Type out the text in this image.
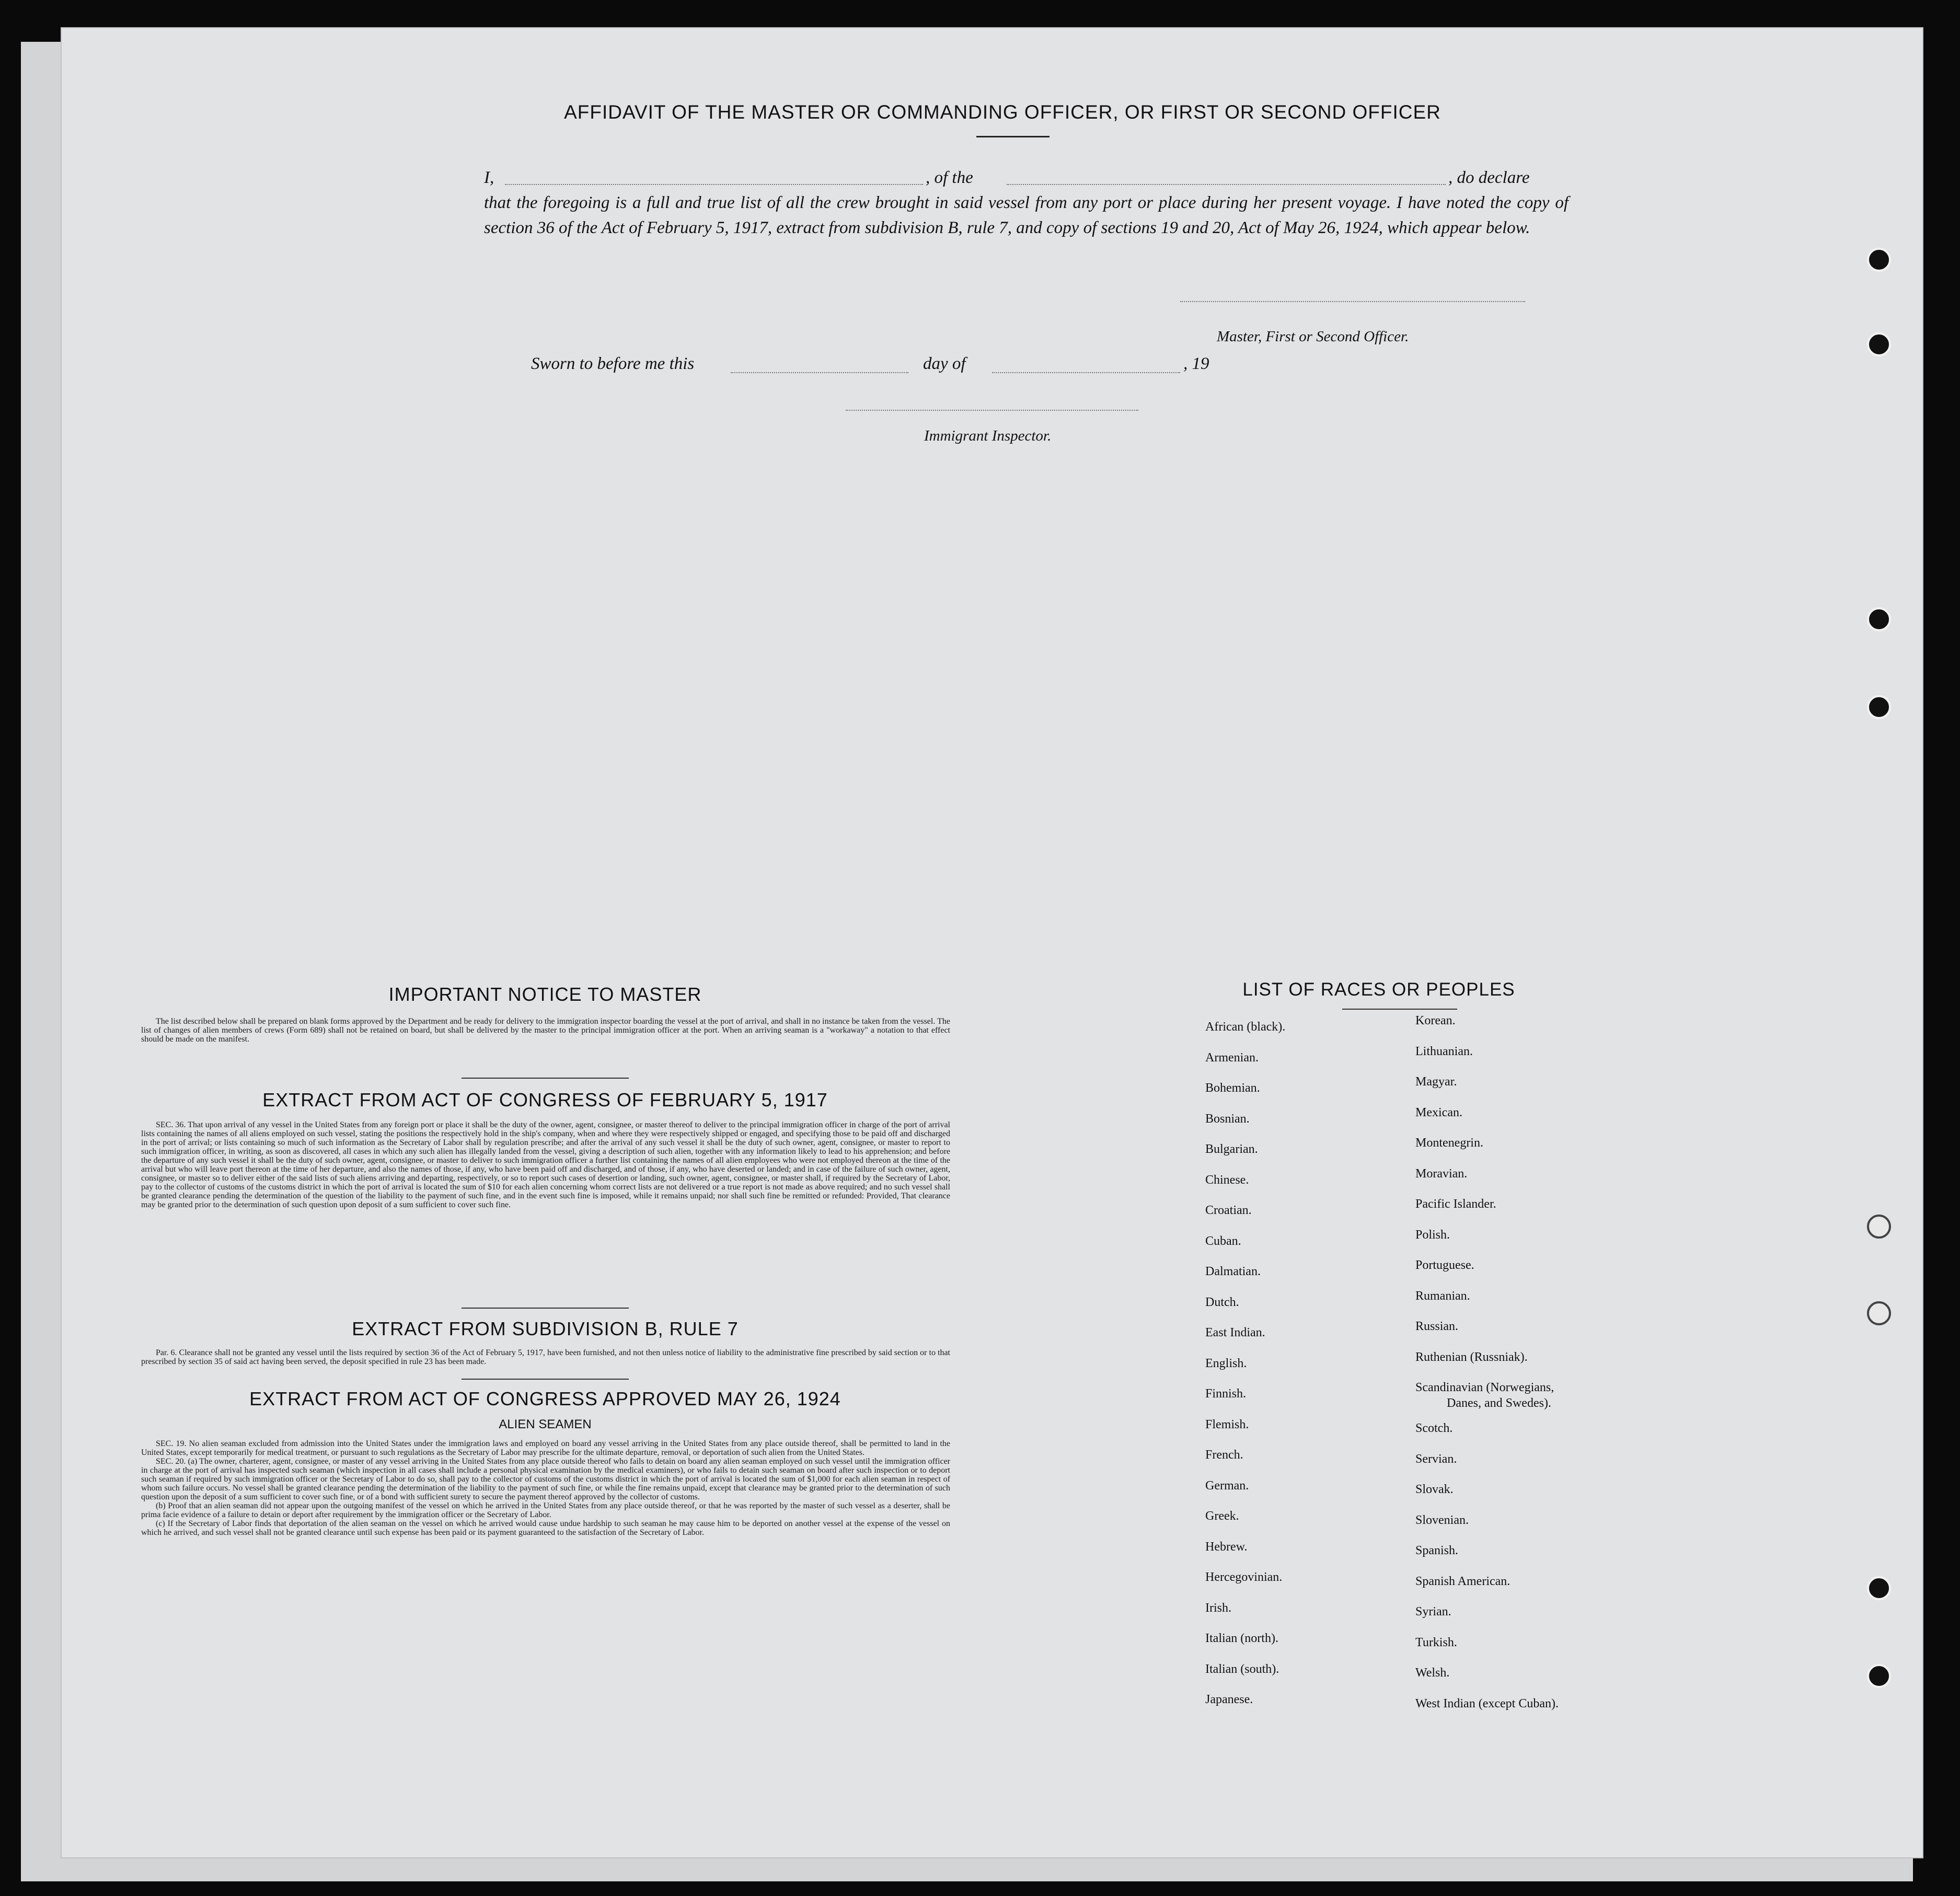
AFFIDAVIT OF THE MASTER OR COMMANDING OFFICER, OR FIRST OR SECOND OFFICER
I,	, of the	, do declare
that the foregoing is a full and true list of all the crew brought in said vessel from any port or place during her present voyage. I have noted the copy of section 36 of the Act of February 5, 1917, extract from subdivision B, rule 7, and copy of sections 19 and 20, Act of May 26, 1924, which appear below.
Master, First or Second Officer.
Sworn to before me this	day of	, 19
Immigrant Inspector.
IMPORTANT NOTICE TO MASTER

The list described below shall be prepared on blank forms approved by the Department and be ready for delivery to the immigration inspector boarding the vessel at the port of arrival, and shall in no instance be taken from the vessel. The list of changes of alien members of crews (Form 689) shall not be retained on board, but shall be delivered by the master to the principal immigration officer at the port. When an arriving seaman is a "workaway" a notation to that effect should be made on the manifest.

EXTRACT FROM ACT OF CONGRESS OF FEBRUARY 5, 1917

SEC. 36. That upon arrival of any vessel in the United States from any foreign port or place it shall be the duty of the owner, agent, consignee, or master thereof to deliver to the principal immigration officer in charge of the port of arrival lists containing the names of all aliens employed on such vessel, stating the positions the respectively hold in the ship's company, when and where they were respectively shipped or engaged, and specifying those to be paid off and discharged in the port of arrival; or lists containing so much of such information as the Secretary of Labor shall by regulation prescribe; and after the arrival of any such vessel it shall be the duty of such owner, agent, consignee, or master to report to such immigration officer, in writing, as soon as discovered, all cases in which any such alien has illegally landed from the vessel, giving a description of such alien, together with any information likely to lead to his apprehension; and before the departure of any such vessel it shall be the duty of such owner, agent, consignee, or master to deliver to such immigration officer a further list containing the names of all alien employees who were not employed thereon at the time of the arrival but who will leave port thereon at the time of her departure, and also the names of those, if any, who have been paid off and discharged, and of those, if any, who have deserted or landed; and in case of the failure of such owner, agent, consignee, or master so to deliver either of the said lists of such aliens arriving and departing, respectively, or so to report such cases of desertion or landing, such owner, agent, consignee, or master shall, if required by the Secretary of Labor, pay to the collector of customs of the customs district in which the port of arrival is located the sum of $10 for each alien concerning whom correct lists are not delivered or a true report is not made as above required; and no such vessel shall be granted clearance pending the determination of the question of the liability to the payment of such fine, and in the event such fine is imposed, while it remains unpaid; nor shall such fine be remitted or refunded: Provided, That clearance may be granted prior to the determination of such question upon deposit of a sum sufficient to cover such fine.

EXTRACT FROM SUBDIVISION B, RULE 7

Par. 6. Clearance shall not be granted any vessel until the lists required by section 36 of the Act of February 5, 1917, have been furnished, and not then unless notice of liability to the administrative fine prescribed by said section or to that prescribed by section 35 of said act having been served, the deposit specified in rule 23 has been made.

EXTRACT FROM ACT OF CONGRESS APPROVED MAY 26, 1924
ALIEN SEAMEN

SEC. 19. No alien seaman excluded from admission into the United States under the immigration laws and employed on board any vessel arriving in the United States from any place outside thereof, shall be permitted to land in the United States, except temporarily for medical treatment, or pursuant to such regulations as the Secretary of Labor may prescribe for the ultimate departure, removal, or deportation of such alien from the United States.

SEC. 20. (a) The owner, charterer, agent, consignee, or master of any vessel arriving in the United States from any place outside thereof who fails to detain on board any alien seaman employed on such vessel until the immigration officer in charge at the port of arrival has inspected such seaman (which inspection in all cases shall include a personal physical examination by the medical examiners), or who fails to detain such seaman on board after such inspection or to deport such seaman if required by such immigration officer or the Secretary of Labor to do so, shall pay to the collector of customs of the customs district in which the port of arrival is located the sum of $1,000 for each alien seaman in respect of whom such failure occurs. No vessel shall be granted clearance pending the determination of the liability to the payment of such fine, or while the fine remains unpaid, except that clearance may be granted prior to the determination of such question upon the deposit of a sum sufficient to cover such fine, or of a bond with sufficient surety to secure the payment thereof approved by the collector of customs.

(b) Proof that an alien seaman did not appear upon the outgoing manifest of the vessel on which he arrived in the United States from any place outside thereof, or that he was reported by the master of such vessel as a deserter, shall be prima facie evidence of a failure to detain or deport after requirement by the immigration officer or the Secretary of Labor.

(c) If the Secretary of Labor finds that deportation of the alien seaman on the vessel on which he arrived would cause undue hardship to such seaman he may cause him to be deported on another vessel at the expense of the vessel on which he arrived, and such vessel shall not be granted clearance until such expense has been paid or its payment guaranteed to the satisfaction of the Secretary of Labor.

LIST OF RACES OR PEOPLES
African (black).
Armenian.
Bohemian.
Bosnian.
Bulgarian.
Chinese.
Croatian.
Cuban.
Dalmatian.
Dutch.
East Indian.
English.
Finnish.
Flemish.
French.
German.
Greek.
Hebrew.
Hercegovinian.
Irish.
Italian (north).
Italian (south).
Japanese.
Korean.
Lithuanian.
Magyar.
Mexican.
Montenegrin.
Moravian.
Pacific Islander.
Polish.
Portuguese.
Rumanian.
Russian.
Ruthenian (Russniak).
Scandinavian (Norwegians,
Danes, and Swedes).
Scotch.
Servian.
Slovak.
Slovenian.
Spanish.
Spanish American.
Syrian.
Turkish.
Welsh.
West Indian (except Cuban).
